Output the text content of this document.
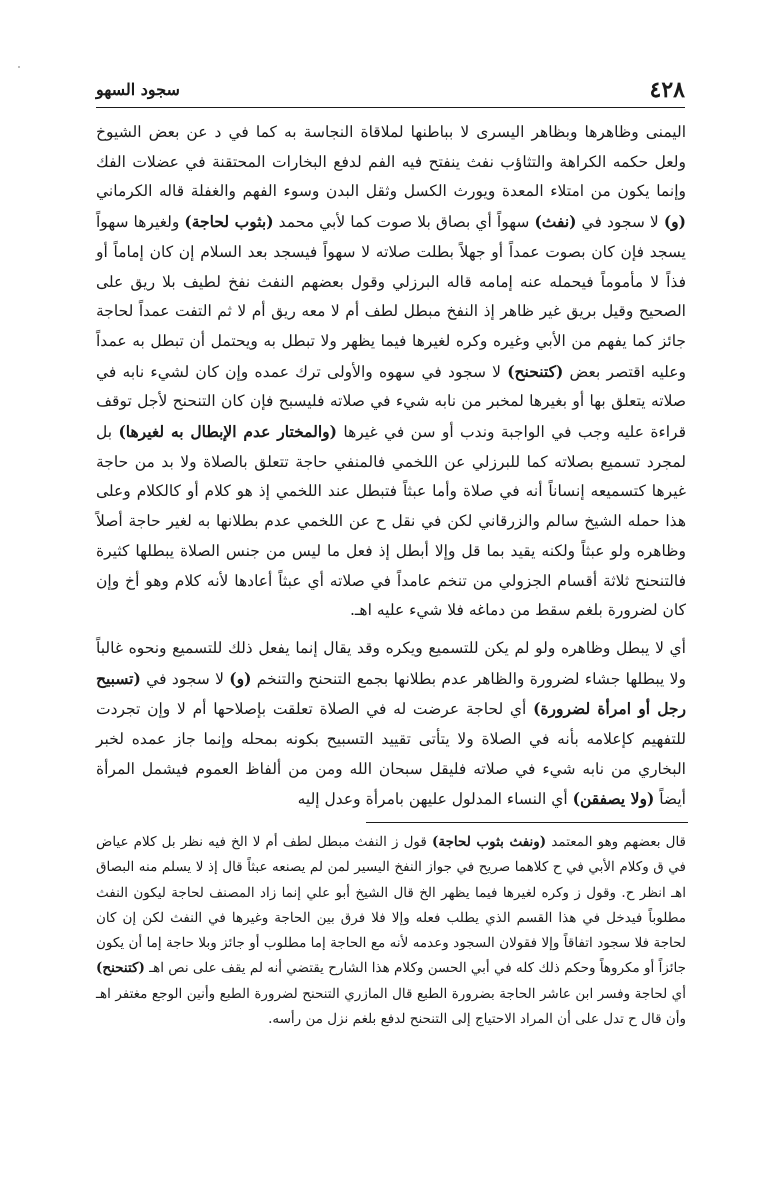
٤٢٨
سجود السهو

اليمنى وظاهرها وبظاهر اليسرى لا بباطنها لملاقاة النجاسة به كما في د عن بعض الشيوخ ولعل حكمه الكراهة والتثاؤب نفث ينفتح فيه الفم لدفع البخارات المحتقنة في عضلات الفك وإنما يكون من امتلاء المعدة ويورث الكسل وثقل البدن وسوء الفهم والغفلة قاله الكرماني (و) لا سجود في (نفث) سهواً أي بصاق بلا صوت كما لأبي محمد (بثوب لحاجة) ولغيرها سهواً يسجد فإن كان بصوت عمداً أو جهلاً بطلت صلاته لا سهواً فيسجد بعد السلام إن كان إماماً أو فذاً لا مأموماً فيحمله عنه إمامه قاله البرزلي وقول بعضهم النفث نفخ لطيف بلا ريق على الصحيح وقيل بريق غير ظاهر إذ النفخ مبطل لطف أم لا معه ريق أم لا ثم التفت عمداً لحاجة جائز كما يفهم من الأبي وغيره وكره لغيرها فيما يظهر ولا تبطل به ويحتمل أن تبطل به عمداً وعليه اقتصر بعض (كتنحنح) لا سجود في سهوه والأولى ترك عمده وإن كان لشيء نابه في صلاته يتعلق بها أو بغيرها لمخبر من نابه شيء في صلاته فليسبح فإن كان التنحنح لأجل توقف قراءة عليه وجب في الواجبة وندب أو سن في غيرها (والمختار عدم الإبطال به لغيرها) بل لمجرد تسميع بصلاته كما للبرزلي عن اللخمي فالمنفي حاجة تتعلق بالصلاة ولا بد من حاجة غيرها كتسميعه إنساناً أنه في صلاة وأما عبثاً فتبطل عند اللخمي إذ هو كلام أو كالكلام وعلى هذا حمله الشيخ سالم والزرقاني لكن في نقل ح عن اللخمي عدم بطلانها به لغير حاجة أصلاً وظاهره ولو عبثاً ولكنه يقيد بما قل وإلا أبطل إذ فعل ما ليس من جنس الصلاة يبطلها كثيرة فالتنحنح ثلاثة أقسام الجزولي من تنخم عامداً في صلاته أي عبثاً أعادها لأنه كلام وهو أخ وإن كان لضرورة بلغم سقط من دماغه فلا شيء عليه اهـ.

أي لا يبطل وظاهره ولو لم يكن للتسميع ويكره وقد يقال إنما يفعل ذلك للتسميع ونحوه غالباً ولا يبطلها جشاء لضرورة والظاهر عدم بطلانها بجمع التنحنح والتنخم (و) لا سجود في (تسبيح رجل أو امرأة لضرورة) أي لحاجة عرضت له في الصلاة تعلقت بإصلاحها أم لا وإن تجردت للتفهيم كإعلامه بأنه في الصلاة ولا يتأتى تقييد التسبيح بكونه بمحله وإنما جاز عمده لخبر البخاري من نابه شيء في صلاته فليقل سبحان الله ومن من ألفاظ العموم فيشمل المرأة أيضاً (ولا يصفقن) أي النساء المدلول عليهن بامرأة وعدل إليه

قال بعضهم وهو المعتمد (ونفث بثوب لحاجة) قول ز النفث مبطل لطف أم لا الخ فيه نظر بل كلام عياض في ق وكلام الأبي في ح كلاهما صريح في جواز النفخ اليسير لمن لم يصنعه عبثاً قال إذ لا يسلم منه البصاق اهـ انظر ح. وقول ز وكره لغيرها فيما يظهر الخ قال الشيخ أبو علي إنما زاد المصنف لحاجة ليكون النفث مطلوباً فيدخل في هذا القسم الذي يطلب فعله وإلا فلا فرق بين الحاجة وغيرها في النفث لكن إن كان لحاجة فلا سجود اتفاقاً وإلا فقولان السجود وعدمه لأنه مع الحاجة إما مطلوب أو جائز وبلا حاجة إما أن يكون جائزاً أو مكروهاً وحكم ذلك كله في أبي الحسن وكلام هذا الشارح يقتضي أنه لم يقف على نص اهـ (كتنحنح) أي لحاجة وفسر ابن عاشر الحاجة بضرورة الطبع قال المازري التنحنح لضرورة الطبع وأنين الوجع مغتفر اهـ وأن قال ح تدل على أن المراد الاحتياج إلى التنحنح لدفع بلغم نزل من رأسه.
